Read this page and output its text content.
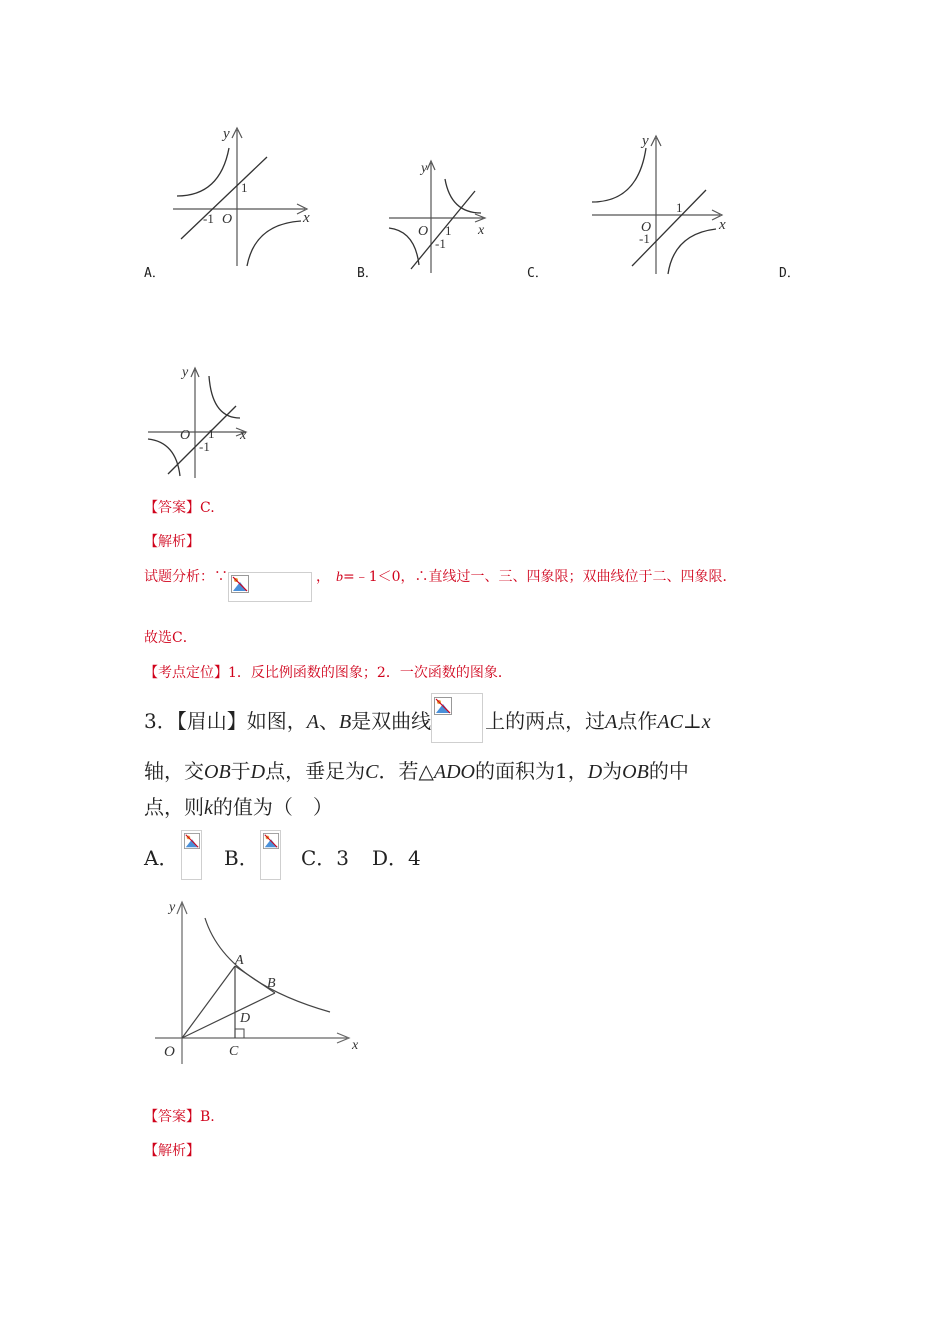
y
x
O
-1
1
y
x
O 1
-1
y
x
O
-1
1
A．	B．	C．	D．
y
x
O 1
-1
【答案】C.
【解析】
试题分析：∵	， b=﹣1＜0，∴直线过一、三、四象限；双曲线位于二、四象限．
故选C．
【考点定位】1．反比例函数的图象；2．一次函数的图象．
3．【眉山】如图，A、B是双曲线	上的两点，过A点作AC⊥x
轴，交OB于D点，垂足为C．若△ADO的面积为1，D为OB的中
点，则k的值为（　）
A． B． C．3 D．4
y
x
O
A
B
D
C
【答案】B.
【解析】
